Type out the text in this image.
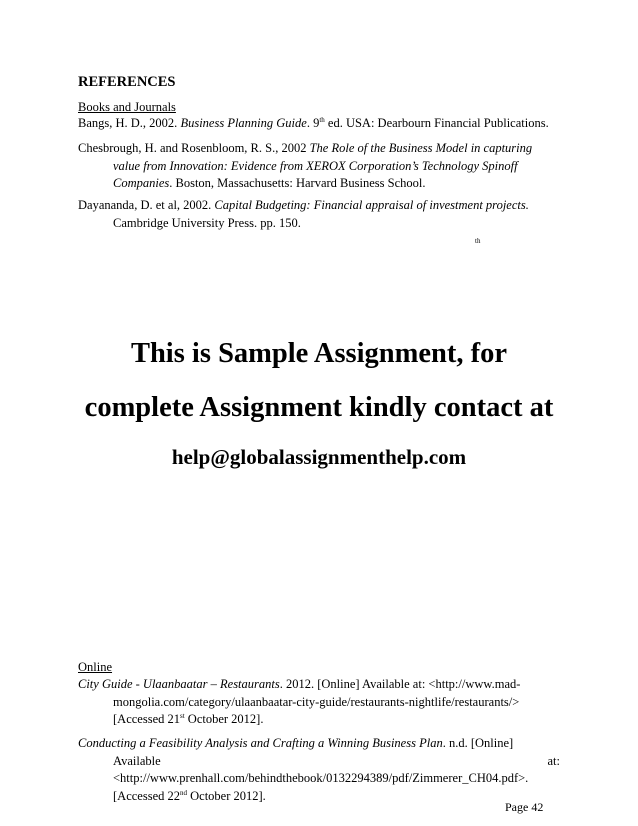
REFERENCES
Books and Journals
Bangs, H. D., 2002. Business Planning Guide. 9th ed. USA: Dearbourn Financial Publications.
Chesbrough, H. and Rosenbloom, R. S., 2002 The Role of the Business Model in capturing
value from Innovation: Evidence from XEROX Corporation’s Technology Spinoff
Companies. Boston, Massachusetts: Harvard Business School.
Dayananda, D. et al, 2002. Capital Budgeting: Financial appraisal of investment projects.
Cambridge University Press. pp. 150.
th
This is Sample Assignment, for
complete Assignment kindly contact at
help@globalassignmenthelp.com
Online
City Guide - Ulaanbaatar – Restaurants. 2012. [Online] Available at: <http://www.mad-
mongolia.com/category/ulaanbaatar-city-guide/restaurants-nightlife/restaurants/>
[Accessed 21st October 2012].
Conducting a Feasibility Analysis and Crafting a Winning Business Plan. n.d. [Online]
Available	at:
<http://www.prenhall.com/behindthebook/0132294389/pdf/Zimmerer_CH04.pdf>.
[Accessed 22nd October 2012].
Page 42
